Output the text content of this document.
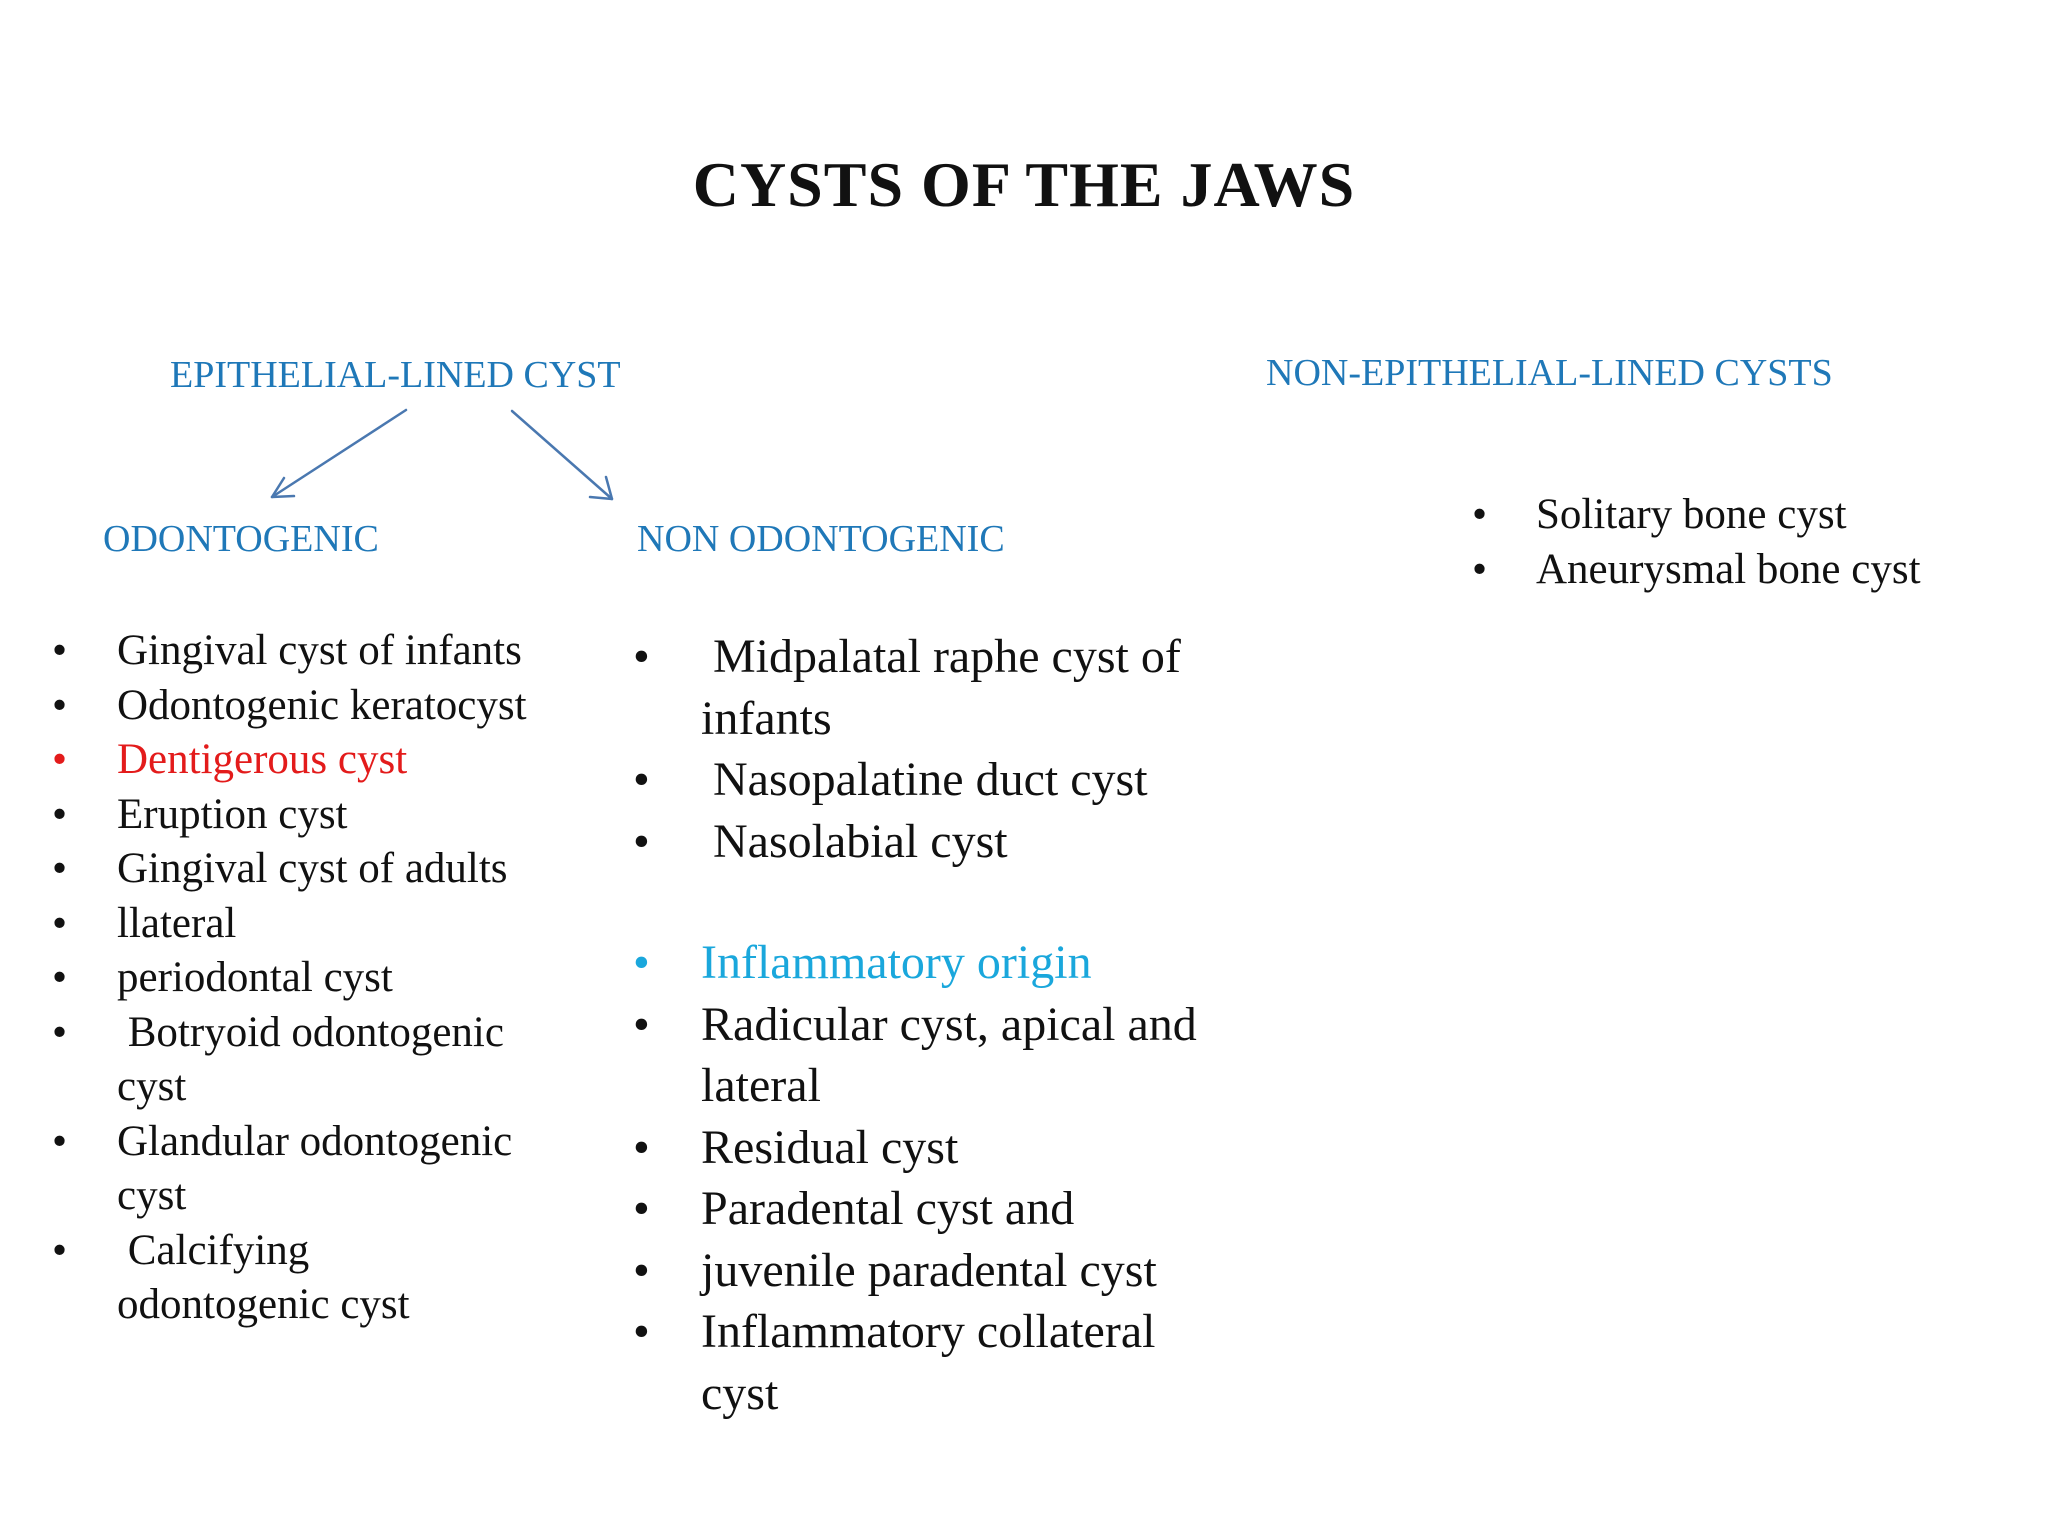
CYSTS OF THE JAWS

EPITHELIAL-LINED CYST	NON-EPITHELIAL-LINED CYSTS

ODONTOGENIC	NON ODONTOGENIC

• Gingival cyst of infants
• Odontogenic keratocyst
• Dentigerous cyst
• Eruption cyst
• Gingival cyst of adults
• llateral
• periodontal cyst
• Botryoid odontogenic
cyst
• Glandular odontogenic
cyst
• Calcifying
odontogenic cyst
• Midpalatal raphe cyst of
infants
• Nasopalatine duct cyst
• Nasolabial cyst
• Inflammatory origin
• Radicular cyst, apical and
lateral
• Residual cyst
• Paradental cyst and
• juvenile paradental cyst
• Inflammatory collateral
cyst
• Solitary bone cyst
• Aneurysmal bone cyst
